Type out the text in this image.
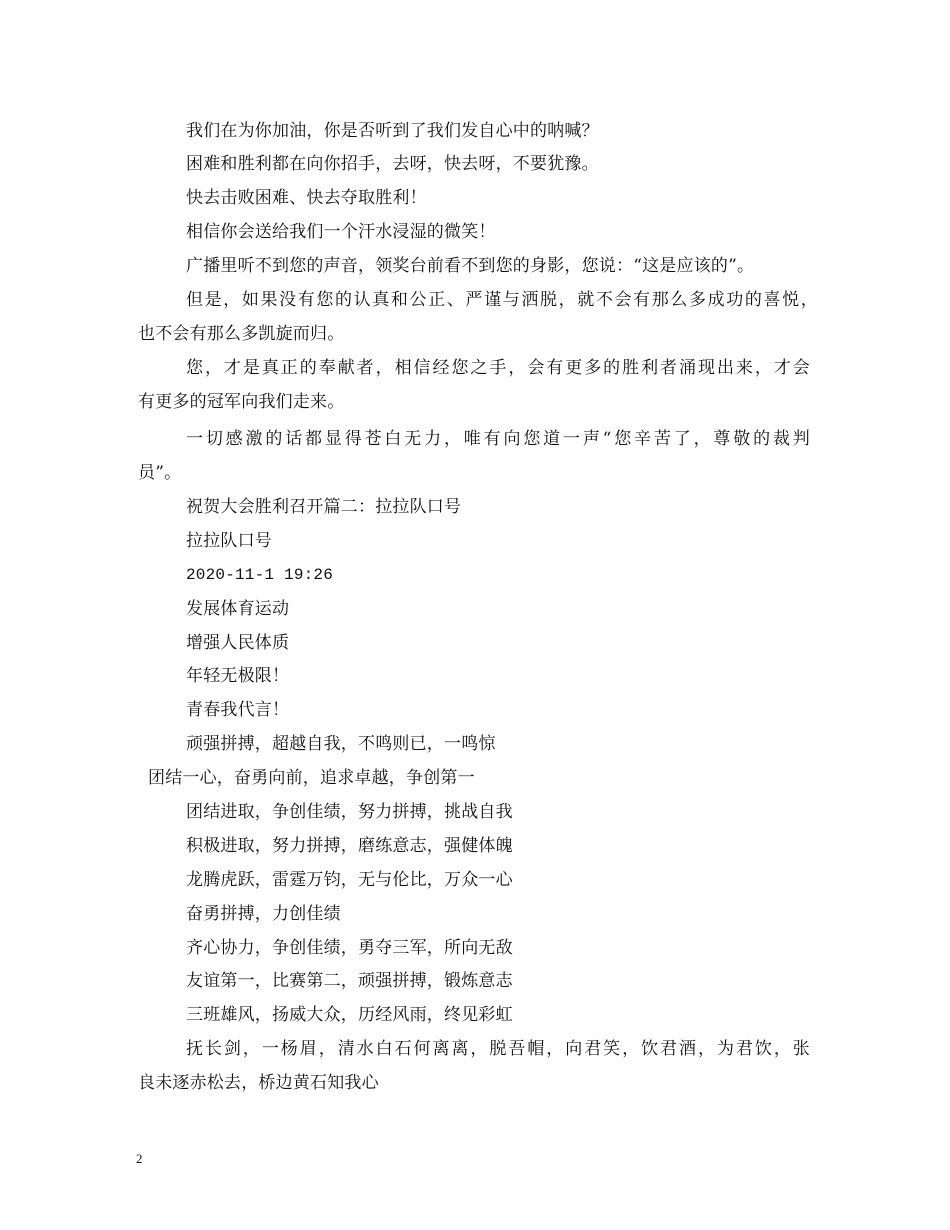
我们在为你加油，你是否听到了我们发自心中的呐喊？
困难和胜利都在向你招手，去呀，快去呀，不要犹豫。
快去击败困难、快去夺取胜利！
相信你会送给我们一个汗水浸湿的微笑！
广播里听不到您的声音，领奖台前看不到您的身影，您说：“这是应该的”。
但是，如果没有您的认真和公正、严谨与洒脱，就不会有那么多成功的喜悦，
也不会有那么多凯旋而归。
您，才是真正的奉献者，相信经您之手，会有更多的胜利者涌现出来，才会
有更多的冠军向我们走来。
一切感激的话都显得苍白无力，唯有向您道一声“您辛苦了，尊敬的裁判
员”。
祝贺大会胜利召开篇二：拉拉队口号
拉拉队口号
2020-11-1 19:26
发展体育运动
增强人民体质
年轻无极限！
青春我代言！
顽强拼搏，超越自我，不鸣则已，一鸣惊
团结一心，奋勇向前，追求卓越，争创第一
团结进取，争创佳绩，努力拼搏，挑战自我
积极进取，努力拼搏，磨练意志，强健体魄
龙腾虎跃，雷霆万钧，无与伦比，万众一心
奋勇拼搏，力创佳绩
齐心协力，争创佳绩，勇夺三军，所向无敌
友谊第一，比赛第二，顽强拼搏，锻炼意志
三班雄风，扬威大众，历经风雨，终见彩虹
抚长剑，一杨眉，清水白石何离离，脱吾帽，向君笑，饮君酒，为君饮，张
良未逐赤松去，桥边黄石知我心
2
